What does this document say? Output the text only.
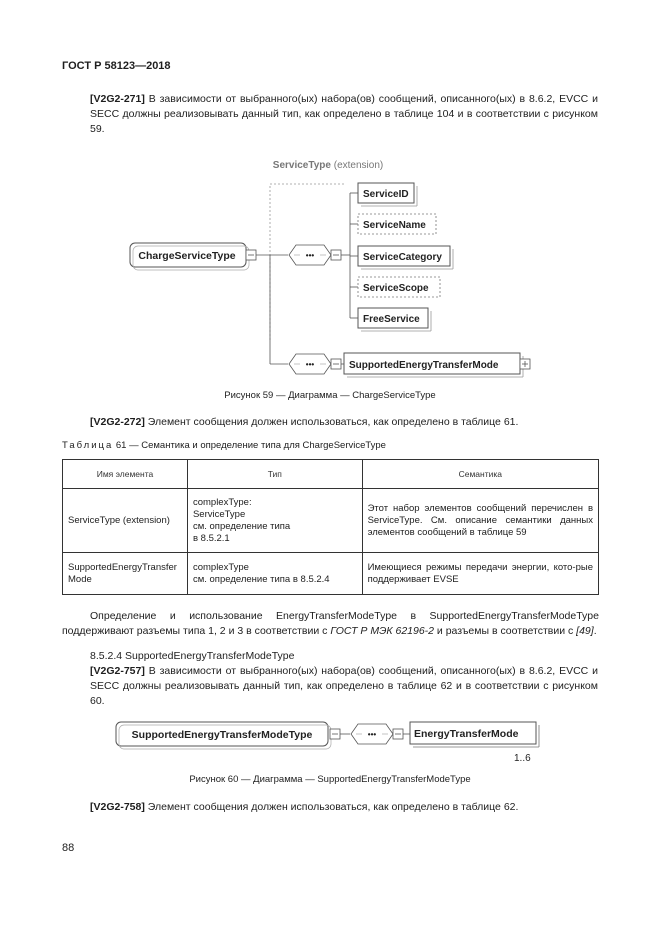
ГОСТ Р 58123—2018
[V2G2-271] В зависимости от выбранного(ых) набора(ов) сообщений, описанного(ых) в 8.6.2, EVCC и SECC должны реализовывать данный тип, как определено в таблице 104 и в соответствии с рисунком 59.
ServiceType (extension)
ChargeServiceType	•••
ServiceID
ServiceName
ServiceCategory
ServiceScope
FreeService
•••	SupportedEnergyTransferMode
Рисунок 59 — Диаграмма — ChargeServiceType
[V2G2-272] Элемент сообщения должен использоваться, как определено в таблице 61.
Таблица 61 — Семантика и определение типа для ChargeServiceType
Имя элемента	Тип	Семантика
ServiceType (extension)	complexType:
ServiceType
см. определение типа
в 8.5.2.1	Этот набор элементов сообщений перечислен в ServiceType. См. описание семантики данных элементов сообщений в таблице 59
SupportedEnergyTransfer Mode	complexType
см. определение типа в 8.5.2.4	Имеющиеся режимы передачи энергии, кото-рые поддерживает EVSE
Определение и использование EnergyTransferModeType в SupportedEnergyTransferModeType поддерживают разъемы типа 1, 2 и 3 в соответствии с ГОСТ Р МЭК 62196-2 и разъемы в соответствии с [49].
8.5.2.4 SupportedEnergyTransferModeType
[V2G2-757] В зависимости от выбранного(ых) набора(ов) сообщений, описанного(ых) в 8.6.2, EVCC и SECC должны реализовывать данный тип, как определено в таблице 62 и в соответствии с рисунком 60.
SupportedEnergyTransferModeType	•••	EnergyTransferMode
1..6
Рисунок 60 — Диаграмма — SupportedEnergyTransferModeType
[V2G2-758] Элемент сообщения должен использоваться, как определено в таблице 62.
88
